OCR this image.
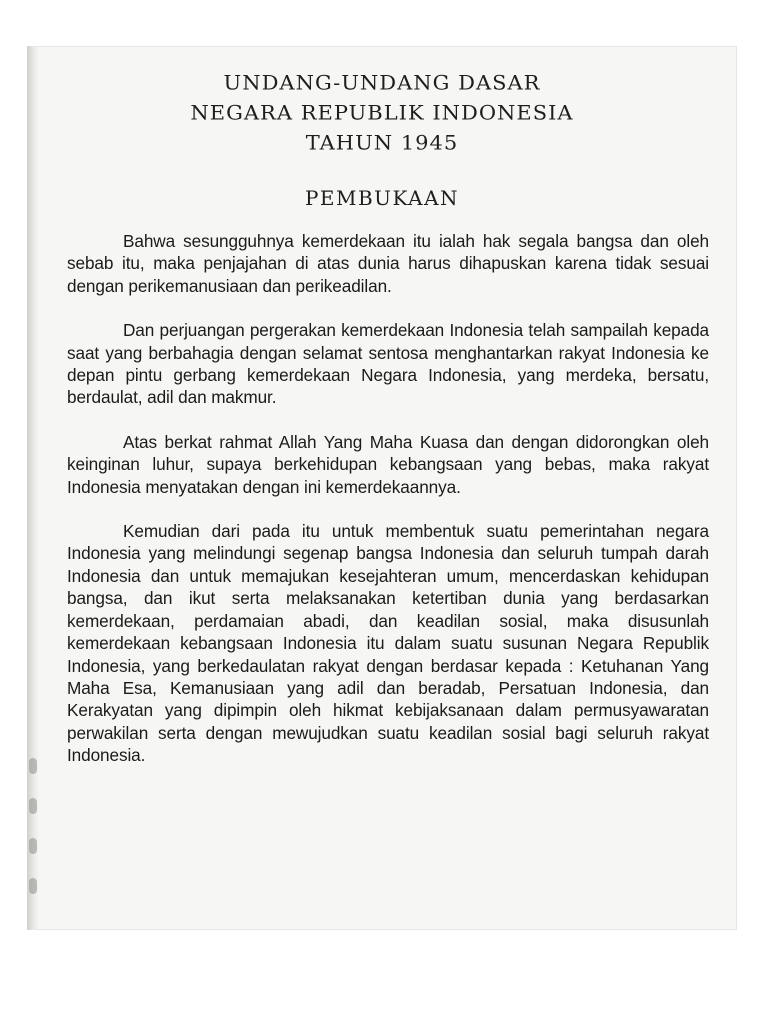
UNDANG-UNDANG DASAR
NEGARA REPUBLIK INDONESIA
TAHUN 1945
PEMBUKAAN

Bahwa sesungguhnya kemerdekaan itu ialah hak segala bangsa dan oleh sebab itu, maka penjajahan di atas dunia harus dihapuskan karena tidak sesuai dengan perikemanusiaan dan perikeadilan.

Dan perjuangan pergerakan kemerdekaan Indonesia telah sampailah kepada saat yang berbahagia dengan selamat sentosa menghantarkan rakyat Indonesia ke depan pintu gerbang kemerdekaan Negara Indonesia, yang merdeka, bersatu, berdaulat, adil dan makmur.

Atas berkat rahmat Allah Yang Maha Kuasa dan dengan didorongkan oleh keinginan luhur, supaya berkehidupan kebangsaan yang bebas, maka rakyat Indonesia menyatakan dengan ini kemerdekaannya.

Kemudian dari pada itu untuk membentuk suatu pemerintahan negara Indonesia yang melindungi segenap bangsa Indonesia dan seluruh tumpah darah Indonesia dan untuk memajukan kesejahteran umum, mencerdaskan kehidupan bangsa, dan ikut serta melaksanakan ketertiban dunia yang berdasarkan kemerdekaan, perdamaian abadi, dan keadilan sosial, maka disusunlah kemerdekaan kebangsaan Indonesia itu dalam suatu susunan Negara Republik Indonesia, yang berkedaulatan rakyat dengan berdasar kepada : Ketuhanan Yang Maha Esa, Kemanusiaan yang adil dan beradab, Persatuan Indonesia, dan Kerakyatan yang dipimpin oleh hikmat kebijaksanaan dalam permusyawaratan perwakilan serta dengan mewujudkan suatu keadilan sosial bagi seluruh rakyat Indonesia.
